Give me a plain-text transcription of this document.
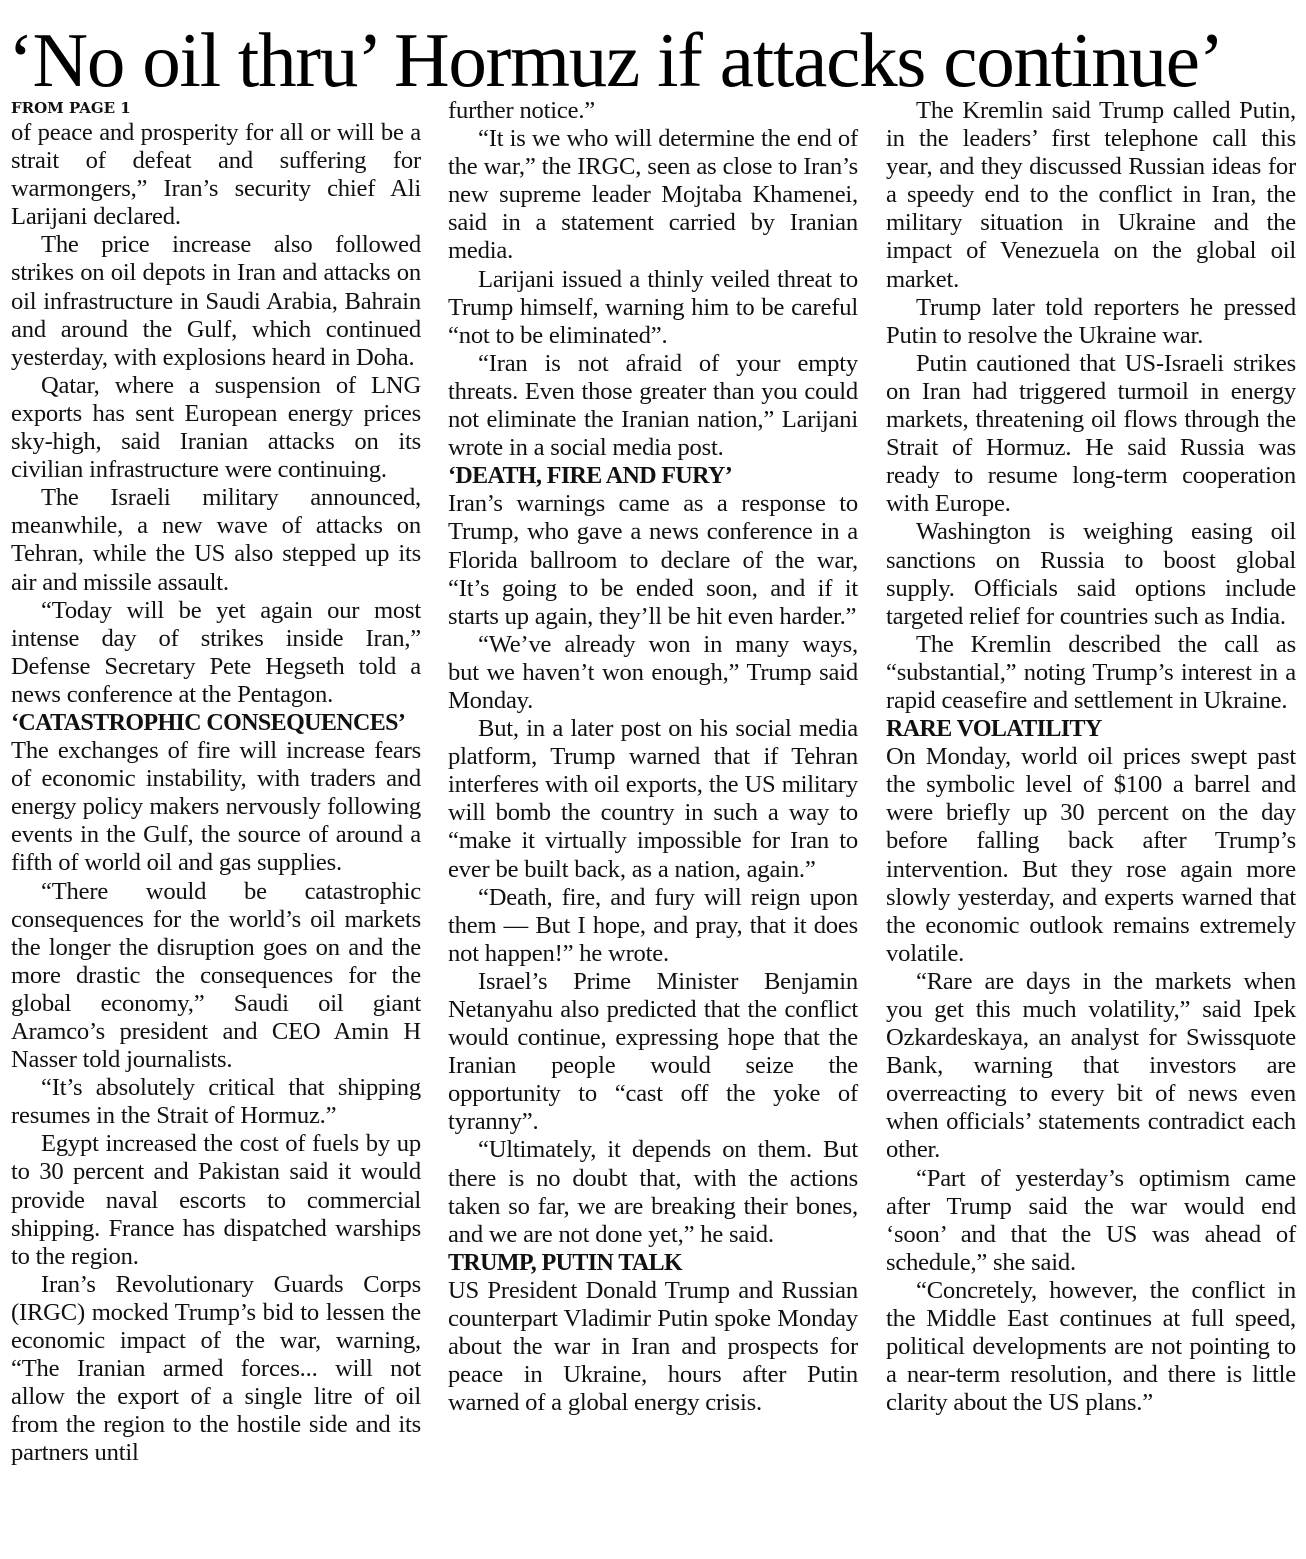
‘No oil thru’ Hormuz if attacks continue’
FROM PAGE 1

of peace and prosperity for all or will be a strait of defeat and suffering for warmongers,” Iran’s security chief Ali Larijani declared.

The price increase also followed strikes on oil depots in Iran and attacks on oil infrastructure in Saudi Arabia, Bahrain and around the Gulf, which continued yesterday, with explosions heard in Doha.

Qatar, where a suspension of LNG exports has sent European energy prices sky-high, said Iranian attacks on its civilian infrastructure were continuing.

The Israeli military announced, meanwhile, a new wave of attacks on Tehran, while the US also stepped up its air and missile assault.

“Today will be yet again our most intense day of strikes inside Iran,” Defense Secretary Pete Hegseth told a news conference at the Pentagon.

‘CATASTROPHIC CONSEQUENCES’

The exchanges of fire will increase fears of economic instability, with traders and energy policy makers nervously following events in the Gulf, the source of around a fifth of world oil and gas supplies.

“There would be catastrophic consequences for the world’s oil markets the longer the disruption goes on and the more drastic the consequences for the global economy,” Saudi oil giant Aramco’s president and CEO Amin H Nasser told journalists.

“It’s absolutely critical that shipping resumes in the Strait of Hormuz.”

Egypt increased the cost of fuels by up to 30 percent and Pakistan said it would provide naval escorts to commercial shipping. France has dispatched warships to the region.

Iran’s Revolutionary Guards Corps (IRGC) mocked Trump’s bid to lessen the economic impact of the war, warning, “The Iranian armed forces... will not allow the export of a single litre of oil from the region to the hostile side and its partners until

further notice.”

“It is we who will determine the end of the war,” the IRGC, seen as close to Iran’s new supreme leader Mojtaba Khamenei, said in a statement carried by Iranian media.

Larijani issued a thinly veiled threat to Trump himself, warning him to be careful “not to be eliminated”.

“Iran is not afraid of your empty threats. Even those greater than you could not eliminate the Iranian nation,” Larijani wrote in a social media post.

‘DEATH, FIRE AND FURY’

Iran’s warnings came as a response to Trump, who gave a news conference in a Florida ballroom to declare of the war, “It’s going to be ended soon, and if it starts up again, they’ll be hit even harder.”

“We’ve already won in many ways, but we haven’t won enough,” Trump said Monday.

But, in a later post on his social media platform, Trump warned that if Tehran interferes with oil exports, the US military will bomb the country in such a way to “make it virtually impossible for Iran to ever be built back, as a nation, again.”

“Death, fire, and fury will reign upon them — But I hope, and pray, that it does not happen!” he wrote.

Israel’s Prime Minister Benjamin Netanyahu also predicted that the conflict would continue, expressing hope that the Iranian people would seize the opportunity to “cast off the yoke of tyranny”.

“Ultimately, it depends on them. But there is no doubt that, with the actions taken so far, we are breaking their bones, and we are not done yet,” he said.

TRUMP, PUTIN TALK

US President Donald Trump and Russian counterpart Vladimir Putin spoke Monday about the war in Iran and prospects for peace in Ukraine, hours after Putin warned of a global energy crisis.

The Kremlin said Trump called Putin, in the leaders’ first telephone call this year, and they discussed Russian ideas for a speedy end to the conflict in Iran, the military situation in Ukraine and the impact of Venezuela on the global oil market.

Trump later told reporters he pressed Putin to resolve the Ukraine war.

Putin cautioned that US-Israeli strikes on Iran had triggered turmoil in energy markets, threatening oil flows through the Strait of Hormuz. He said Russia was ready to resume long-term cooperation with Europe.

Washington is weighing easing oil sanctions on Russia to boost global supply. Officials said options include targeted relief for countries such as India.

The Kremlin described the call as “substantial,” noting Trump’s interest in a rapid ceasefire and settlement in Ukraine.

RARE VOLATILITY

On Monday, world oil prices swept past the symbolic level of $100 a barrel and were briefly up 30 percent on the day before falling back after Trump’s intervention. But they rose again more slowly yesterday, and experts warned that the economic outlook remains extremely volatile.

“Rare are days in the markets when you get this much volatility,” said Ipek Ozkardeskaya, an analyst for Swissquote Bank, warning that investors are overreacting to every bit of news even when officials’ statements contradict each other.

“Part of yesterday’s optimism came after Trump said the war would end ‘soon’ and that the US was ahead of schedule,” she said.

“Concretely, however, the conflict in the Middle East continues at full speed, political developments are not pointing to a near-term resolution, and there is little clarity about the US plans.”
